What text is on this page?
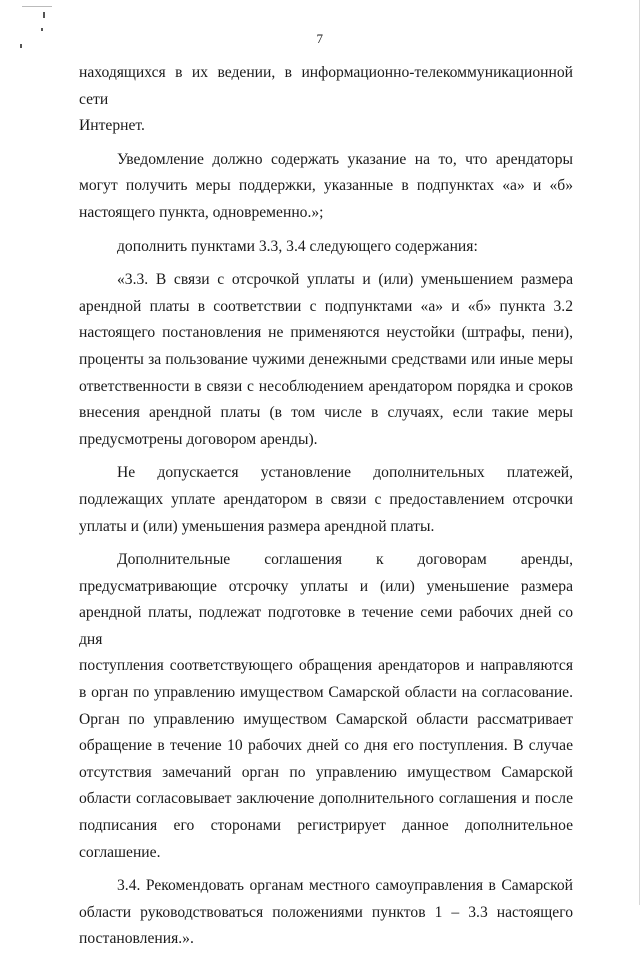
7

находящихся в их ведении, в информационно-телекоммуникационной сети

Интернет.

Уведомление должно содержать указание на то, что арендаторы

могут получить меры поддержки, указанные в подпунктах «а» и «б»

настоящего пункта, одновременно.»;

дополнить пунктами 3.3, 3.4 следующего содержания:

«3.3. В связи с отсрочкой уплаты и (или) уменьшением размера

арендной платы в соответствии с подпунктами «а» и «б» пункта 3.2

настоящего постановления не применяются неустойки (штрафы, пени),

проценты за пользование чужими денежными средствами или иные меры

ответственности в связи с несоблюдением арендатором порядка и сроков

внесения арендной платы (в том числе в случаях, если такие меры

предусмотрены договором аренды).

Не допускается установление дополнительных платежей,

подлежащих уплате арендатором в связи с предоставлением отсрочки

уплаты и (или) уменьшения размера арендной платы.

Дополнительные соглашения к договорам аренды,

предусматривающие отсрочку уплаты и (или) уменьшение размера

арендной платы, подлежат подготовке в течение семи рабочих дней со дня

поступления соответствующего обращения арендаторов и направляются

в орган по управлению имуществом Самарской области на согласование.

Орган по управлению имуществом Самарской области рассматривает

обращение в течение 10 рабочих дней со дня его поступления. В случае

отсутствия замечаний орган по управлению имуществом Самарской

области согласовывает заключение дополнительного соглашения и после

подписания его сторонами регистрирует данное дополнительное

соглашение.

3.4. Рекомендовать органам местного самоуправления в Самарской

области руководствоваться положениями пунктов 1 – 3.3 настоящего

постановления.».
